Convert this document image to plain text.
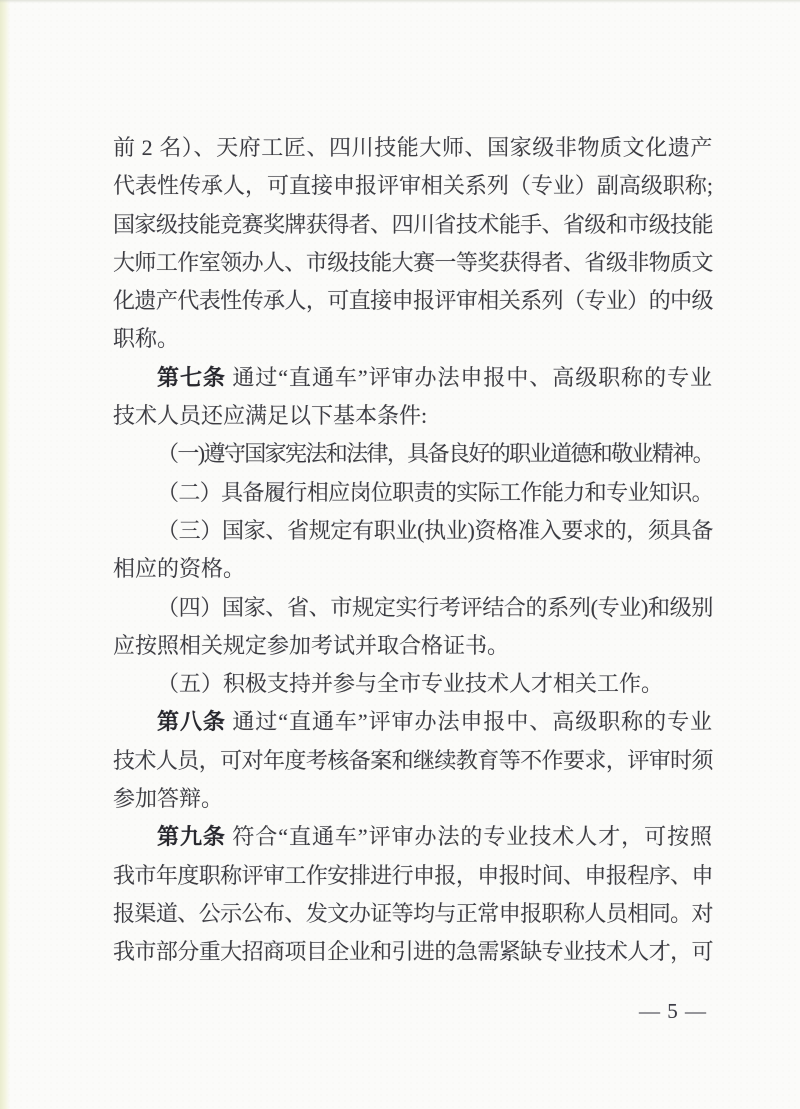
前 2 名）、天府工匠、四川技能大师、国家级非物质文化遗产
代表性传承人，可直接申报评审相关系列（专业）副高级职称;
国家级技能竞赛奖牌获得者、四川省技术能手、省级和市级技能
大师工作室领办人、市级技能大赛一等奖获得者、省级非物质文
化遗产代表性传承人，可直接申报评审相关系列（专业）的中级
职称。
第七条 通过“直通车”评审办法申报中、高级职称的专业
技术人员还应满足以下基本条件:
（一)遵守国家宪法和法律，具备良好的职业道德和敬业精神。
（二）具备履行相应岗位职责的实际工作能力和专业知识。
（三）国家、省规定有职业(执业)资格准入要求的，须具备
相应的资格。
（四）国家、省、市规定实行考评结合的系列(专业)和级别
应按照相关规定参加考试并取合格证书。
（五）积极支持并参与全市专业技术人才相关工作。
第八条 通过“直通车”评审办法申报中、高级职称的专业
技术人员，可对年度考核备案和继续教育等不作要求，评审时须
参加答辩。
第九条 符合“直通车”评审办法的专业技术人才，可按照
我市年度职称评审工作安排进行申报，申报时间、申报程序、申
报渠道、公示公布、发文办证等均与正常申报职称人员相同。对
我市部分重大招商项目企业和引进的急需紧缺专业技术人才，可
— 5 —
